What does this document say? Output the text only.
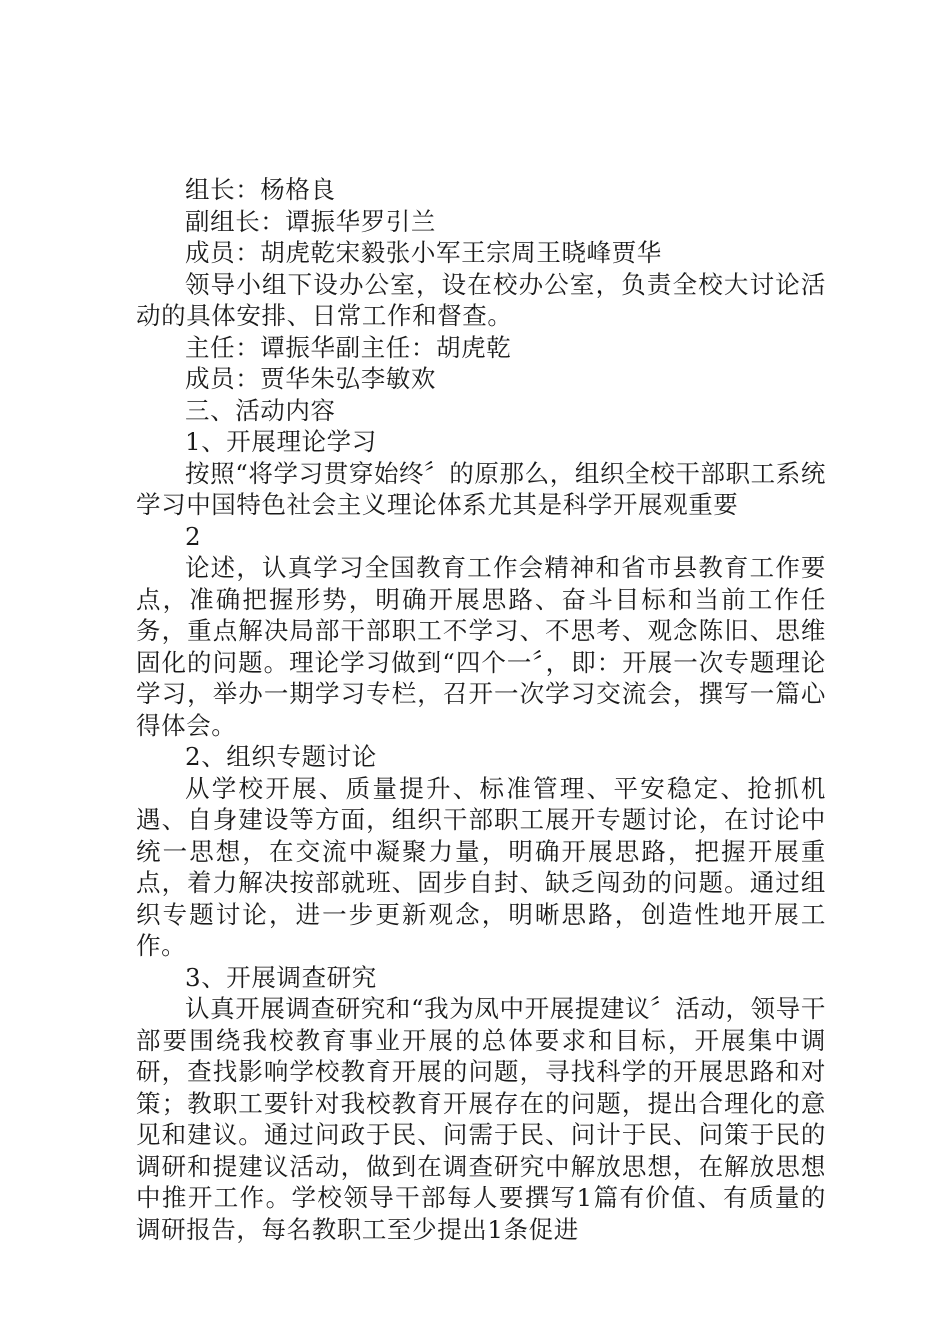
组长：杨格良

副组长：谭振华罗引兰

成员：胡虎乾宋毅张小军王宗周王晓峰贾华

领导小组下设办公室，设在校办公室，负责全校大讨论活动的具体安排、日常工作和督查。

主任：谭振华副主任：胡虎乾

成员：贾华朱弘李敏欢

三、活动内容

1、开展理论学习

按照“将学习贯穿始终〞的原那么，组织全校干部职工系统学习中国特色社会主义理论体系尤其是科学开展观重要

2

论述，认真学习全国教育工作会精神和省市县教育工作要点，准确把握形势，明确开展思路、奋斗目标和当前工作任务，重点解决局部干部职工不学习、不思考、观念陈旧、思维固化的问题。理论学习做到“四个一〞，即：开展一次专题理论学习，举办一期学习专栏，召开一次学习交流会，撰写一篇心得体会。

2、组织专题讨论

从学校开展、质量提升、标准管理、平安稳定、抢抓机遇、自身建设等方面，组织干部职工展开专题讨论，在讨论中统一思想，在交流中凝聚力量，明确开展思路，把握开展重点，着力解决按部就班、固步自封、缺乏闯劲的问题。通过组织专题讨论，进一步更新观念，明晰思路，创造性地开展工作。

3、开展调查研究

认真开展调查研究和“我为凤中开展提建议〞活动，领导干部要围绕我校教育事业开展的总体要求和目标，开展集中调研，查找影响学校教育开展的问题，寻找科学的开展思路和对策；教职工要针对我校教育开展存在的问题，提出合理化的意见和建议。通过问政于民、问需于民、问计于民、问策于民的调研和提建议活动，做到在调查研究中解放思想，在解放思想中推开工作。学校领导干部每人要撰写1篇有价值、有质量的调研报告，每名教职工至少提出1条促进
